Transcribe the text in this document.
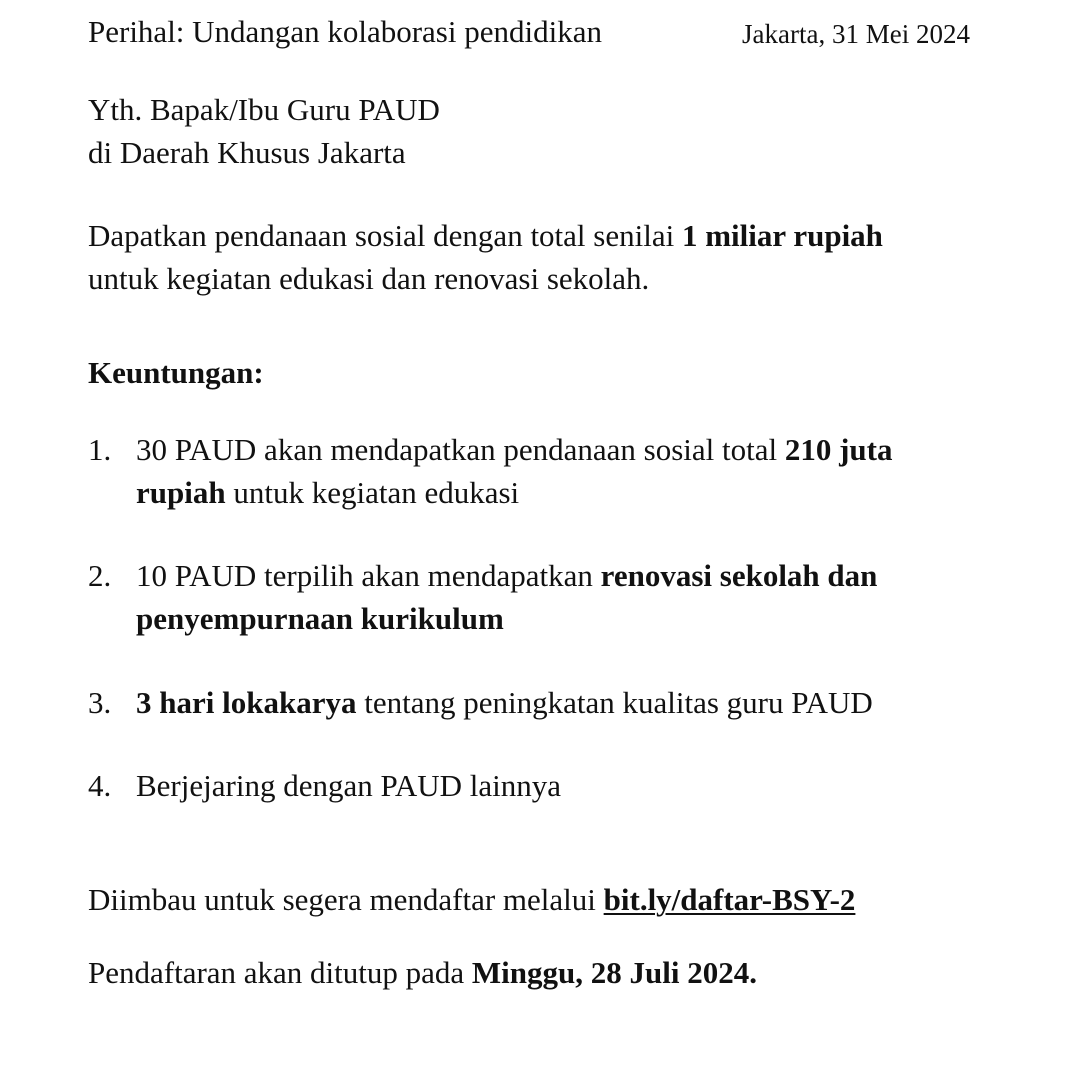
Perihal: Undangan kolaborasi pendidikan	Jakarta, 31 Mei 2024
Yth. Bapak/Ibu Guru PAUD
di Daerah Khusus Jakarta
Dapatkan pendanaan sosial dengan total senilai 1 miliar rupiah
untuk kegiatan edukasi dan renovasi sekolah.
Keuntungan:
1. 30 PAUD akan mendapatkan pendanaan sosial total 210 juta
rupiah untuk kegiatan edukasi
2. 10 PAUD terpilih akan mendapatkan renovasi sekolah dan
penyempurnaan kurikulum
3. 3 hari lokakarya tentang peningkatan kualitas guru PAUD
4. Berjejaring dengan PAUD lainnya
Diimbau untuk segera mendaftar melalui bit.ly/daftar-BSY-2
Pendaftaran akan ditutup pada Minggu, 28 Juli 2024.
